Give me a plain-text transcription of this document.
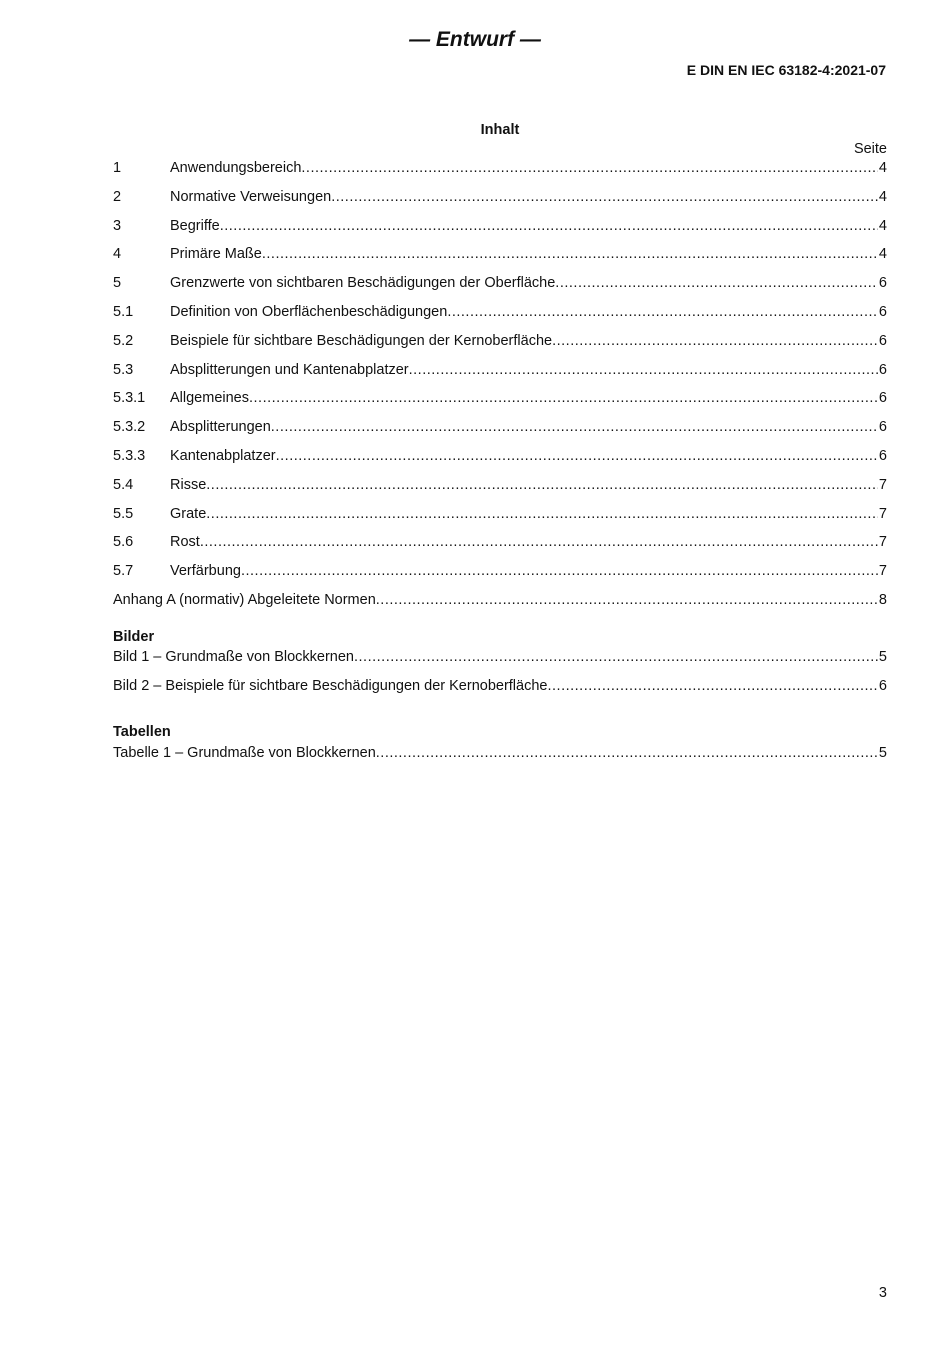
— Entwurf —
E DIN EN IEC 63182-4:2021-07
Inhalt
Seite
1	Anwendungsbereich .....	4
2	Normative Verweisungen .....	4
3	Begriffe .....	4
4	Primäre Maße .....	4
5	Grenzwerte von sichtbaren Beschädigungen der Oberfläche .....	6
5.1	Definition von Oberflächenbeschädigungen .....	6
5.2	Beispiele für sichtbare Beschädigungen der Kernoberfläche .....	6
5.3	Absplitterungen und Kantenabplatzer .....	6
5.3.1	Allgemeines .....	6
5.3.2	Absplitterungen .....	6
5.3.3	Kantenabplatzer .....	6
5.4	Risse .....	7
5.5	Grate .....	7
5.6	Rost .....	7
5.7	Verfärbung .....	7
Anhang A (normativ) Abgeleitete Normen .....	8
Bilder
Bild 1 – Grundmaße von Blockkernen .....	5
Bild 2 – Beispiele für sichtbare Beschädigungen der Kernoberfläche .....	6
Tabellen
Tabelle 1 – Grundmaße von Blockkernen .....	5
3
